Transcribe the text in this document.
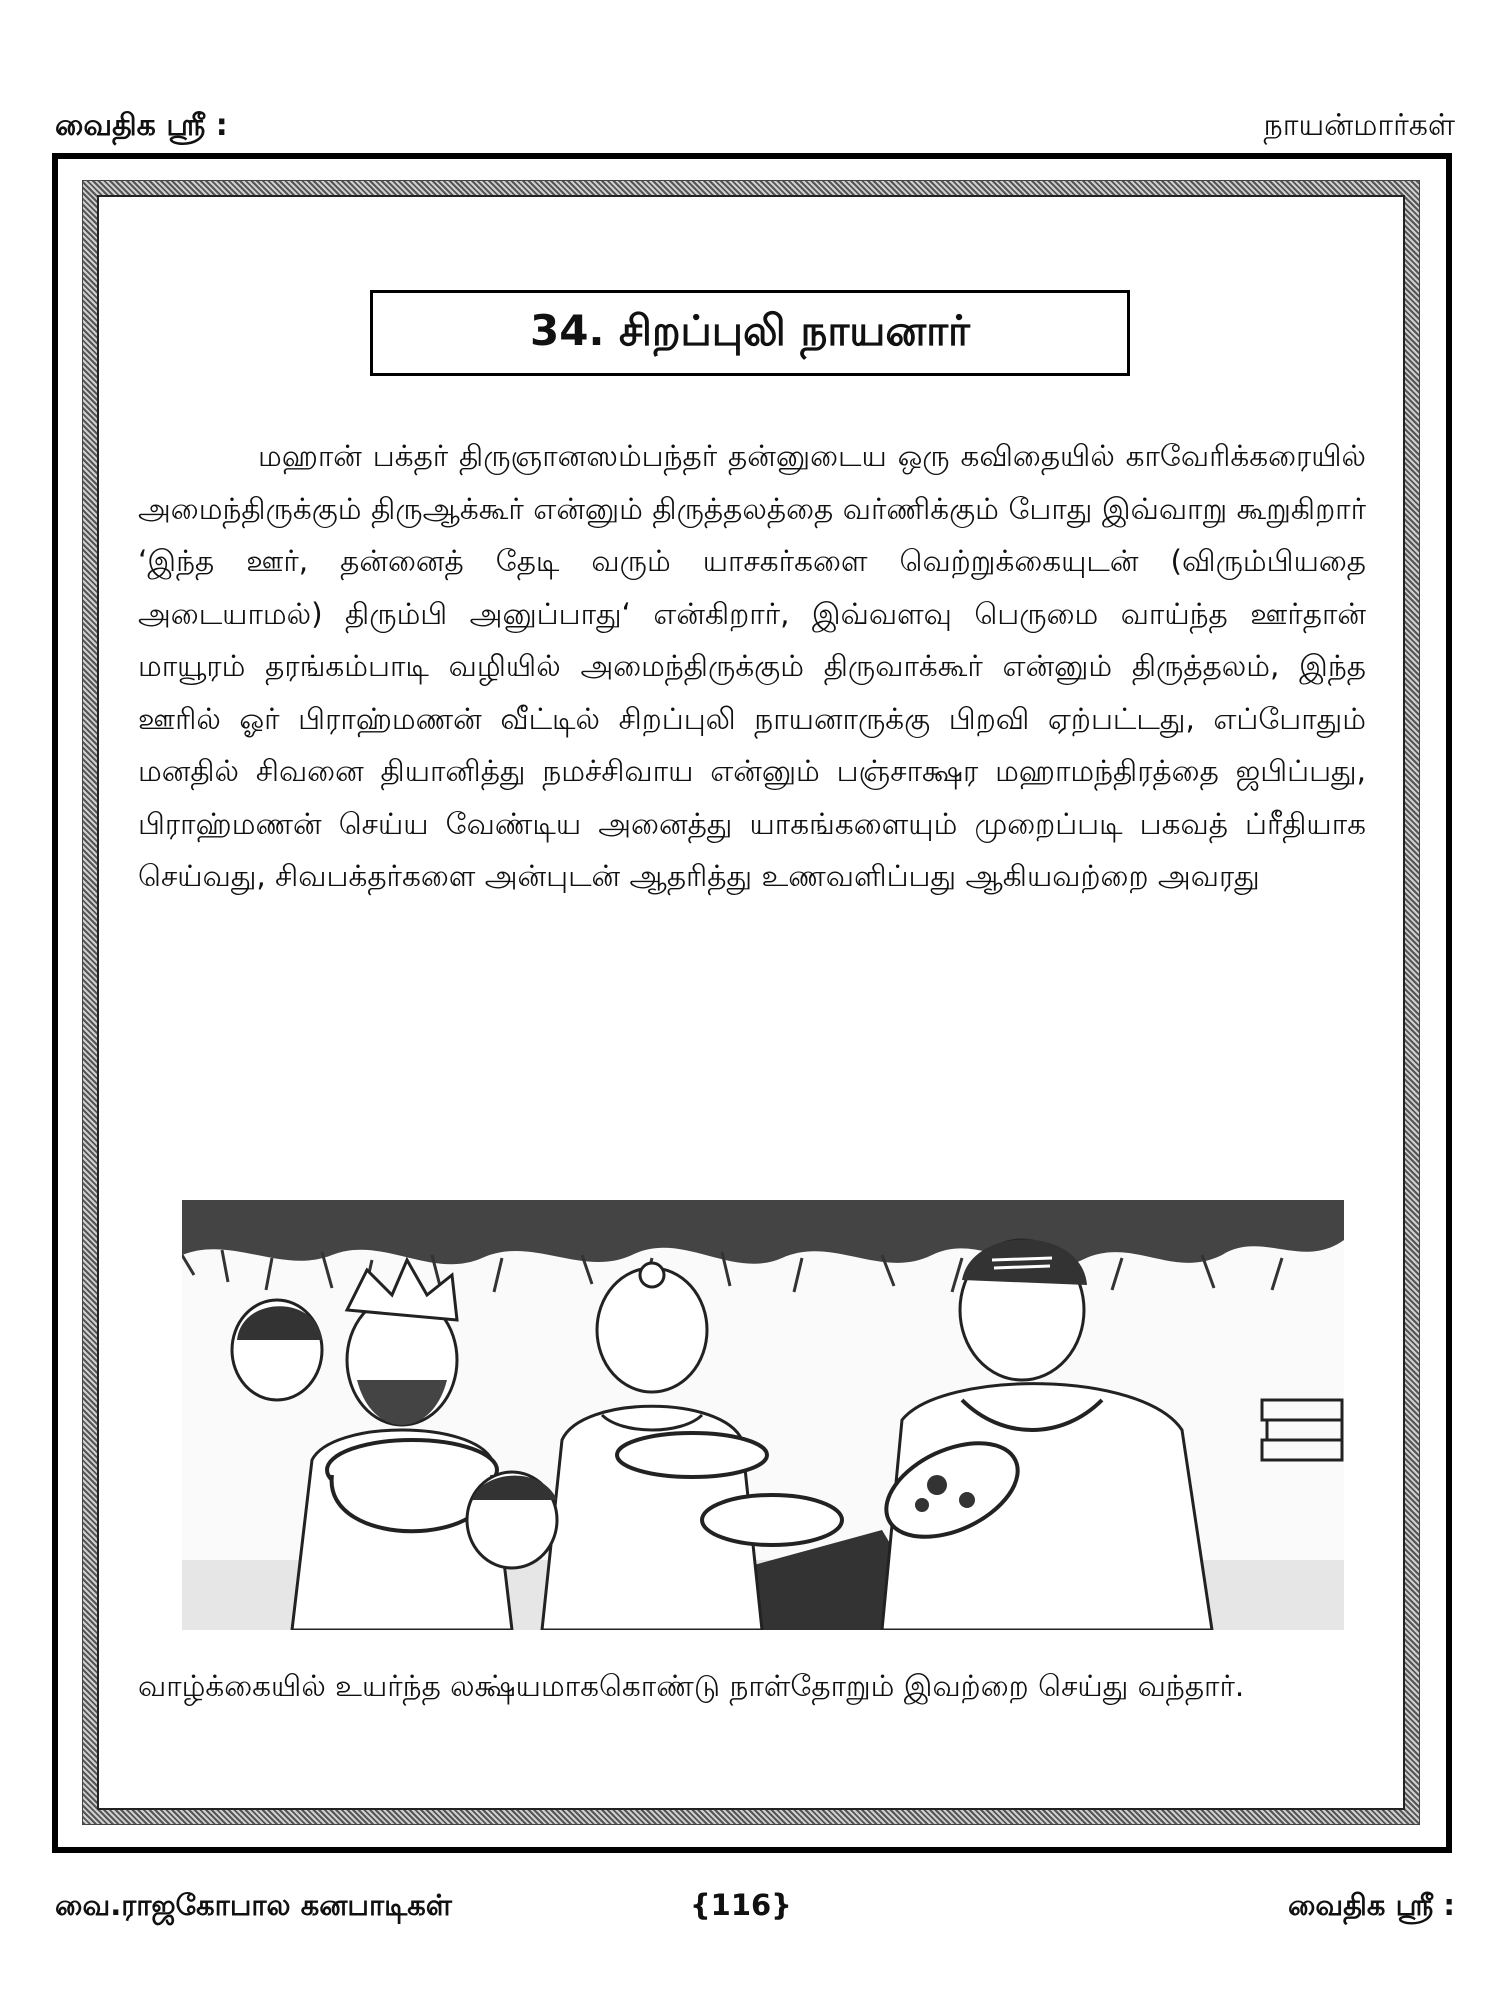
வைதிக ஸ்ரீ :	நாயன்மார்கள்
34. சிறப்புலி நாயனார்

மஹான் பக்தர் திருஞானஸம்பந்தர் தன்னுடைய ஒரு கவிதையில் காவேரிக்கரையில் அமைந்திருக்கும் திருஆக்கூர் என்னும் திருத்தலத்தை வர்ணிக்கும் போது இவ்வாறு கூறுகிறார் ‘இந்த ஊர், தன்னைத் தேடி வரும் யாசகர்களை வெற்றுக்கையுடன் (விரும்பியதை அடையாமல்) திரும்பி அனுப்பாது‘ என்கிறார், இவ்வளவு பெருமை வாய்ந்த ஊர்தான் மாயூரம் தரங்கம்பாடி வழியில் அமைந்திருக்கும் திருவாக்கூர் என்னும் திருத்தலம், இந்த ஊரில் ஓர் பிராஹ்மணன் வீட்டில் சிறப்புலி நாயனாருக்கு பிறவி ஏற்பட்டது, எப்போதும் மனதில் சிவனை தியானித்து நமச்சிவாய என்னும் பஞ்சாக்ஷர மஹாமந்திரத்தை ஜபிப்பது, பிராஹ்மணன் செய்ய வேண்டிய அனைத்து யாகங்களையும் முறைப்படி பகவத் ப்ரீதியாக செய்வது, சிவபக்தர்களை அன்புடன் ஆதரித்து உணவளிப்பது ஆகியவற்றை அவரது

வாழ்க்கையில் உயர்ந்த லக்ஷ்யமாககொண்டு நாள்தோறும் இவற்றை செய்து வந்தார்.

வை.ராஜகோபால கனபாடிகள்	{116}	வைதிக ஸ்ரீ :
